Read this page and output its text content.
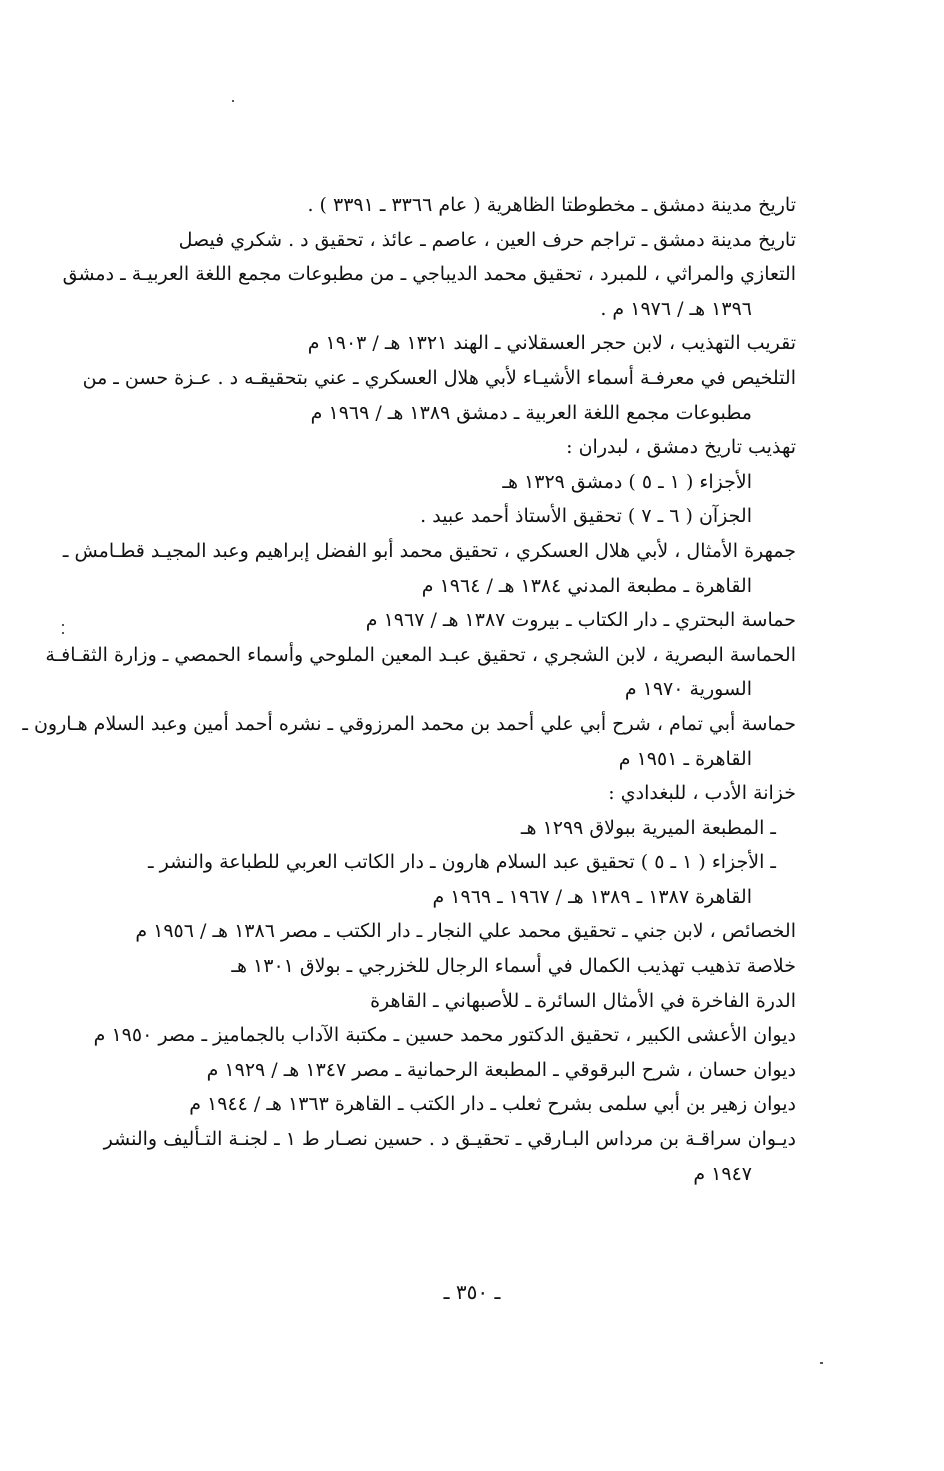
تاريخ مدينة دمشق ـ مخطوطتا الظاهرية ( عام ٣٣٦٦ ـ ٣٣٩١ ) .
تاريخ مدينة دمشق ـ تراجم حرف العين ، عاصم ـ عائذ ، تحقيق د . شكري فيصل
التعازي والمراثي ، للمبرد ، تحقيق محمد الديباجي ـ من مطبوعات مجمع اللغة العربيـة ـ دمشق
١٣٩٦ هـ / ١٩٧٦ م .
تقريب التهذيب ، لابن حجر العسقلاني ـ الهند ١٣٢١ هـ / ١٩٠٣ م
التلخيص في معرفـة أسماء الأشيـاء لأبي هلال العسكري ـ عني بتحقيقـه د . عـزة حسن ـ من
مطبوعات مجمع اللغة العربية ـ دمشق ١٣٨٩ هـ / ١٩٦٩ م
تهذيب تاريخ دمشق ، لبدران :
الأجزاء ( ١ ـ ٥ ) دمشق ١٣٢٩ هـ
الجزآن ( ٦ ـ ٧ ) تحقيق الأستاذ أحمد عبيد .
جمهرة الأمثال ، لأبي هلال العسكري ، تحقيق محمد أبو الفضل إبراهيم وعبد المجيـد قطـامش ـ
القاهرة ـ مطبعة المدني ١٣٨٤ هـ / ١٩٦٤ م
حماسة البحتري ـ دار الكتاب ـ بيروت ١٣٨٧ هـ / ١٩٦٧ م
الحماسة البصرية ، لابن الشجري ، تحقيق عبـد المعين الملوحي وأسماء الحمصي ـ وزارة الثقـافـة
السورية ١٩٧٠ م
حماسة أبي تمام ، شرح أبي علي أحمد بن محمد المرزوقي ـ نشره أحمد أمين وعبد السلام هـارون ـ
القاهرة ـ ١٩٥١ م
خزانة الأدب ، للبغدادي :
ـ المطبعة الميرية ببولاق ١٢٩٩ هـ
ـ الأجزاء ( ١ ـ ٥ ) تحقيق عبد السلام هارون ـ دار الكاتب العربي للطباعة والنشر ـ
القاهرة ١٣٨٧ ـ ١٣٨٩ هـ / ١٩٦٧ ـ ١٩٦٩ م
الخصائص ، لابن جني ـ تحقيق محمد علي النجار ـ دار الكتب ـ مصر ١٣٨٦ هـ / ١٩٥٦ م
خلاصة تذهيب تهذيب الكمال في أسماء الرجال للخزرجي ـ بولاق ١٣٠١ هـ
الدرة الفاخرة في الأمثال السائرة ـ للأصبهاني ـ القاهرة
ديوان الأعشى الكبير ، تحقيق الدكتور محمد حسين ـ مكتبة الآداب بالجماميز ـ مصر ١٩٥٠ م
ديوان حسان ، شرح البرقوقي ـ المطبعة الرحمانية ـ مصر ١٣٤٧ هـ / ١٩٢٩ م
ديوان زهير بن أبي سلمى بشرح ثعلب ـ دار الكتب ـ القاهرة ١٣٦٣ هـ / ١٩٤٤ م
ديـوان سراقـة بن مرداس البـارقي ـ تحقيـق د . حسين نصـار ط ١ ـ لجنـة التـأليف والنشر
١٩٤٧ م
ـ ٣٥٠ ـ
